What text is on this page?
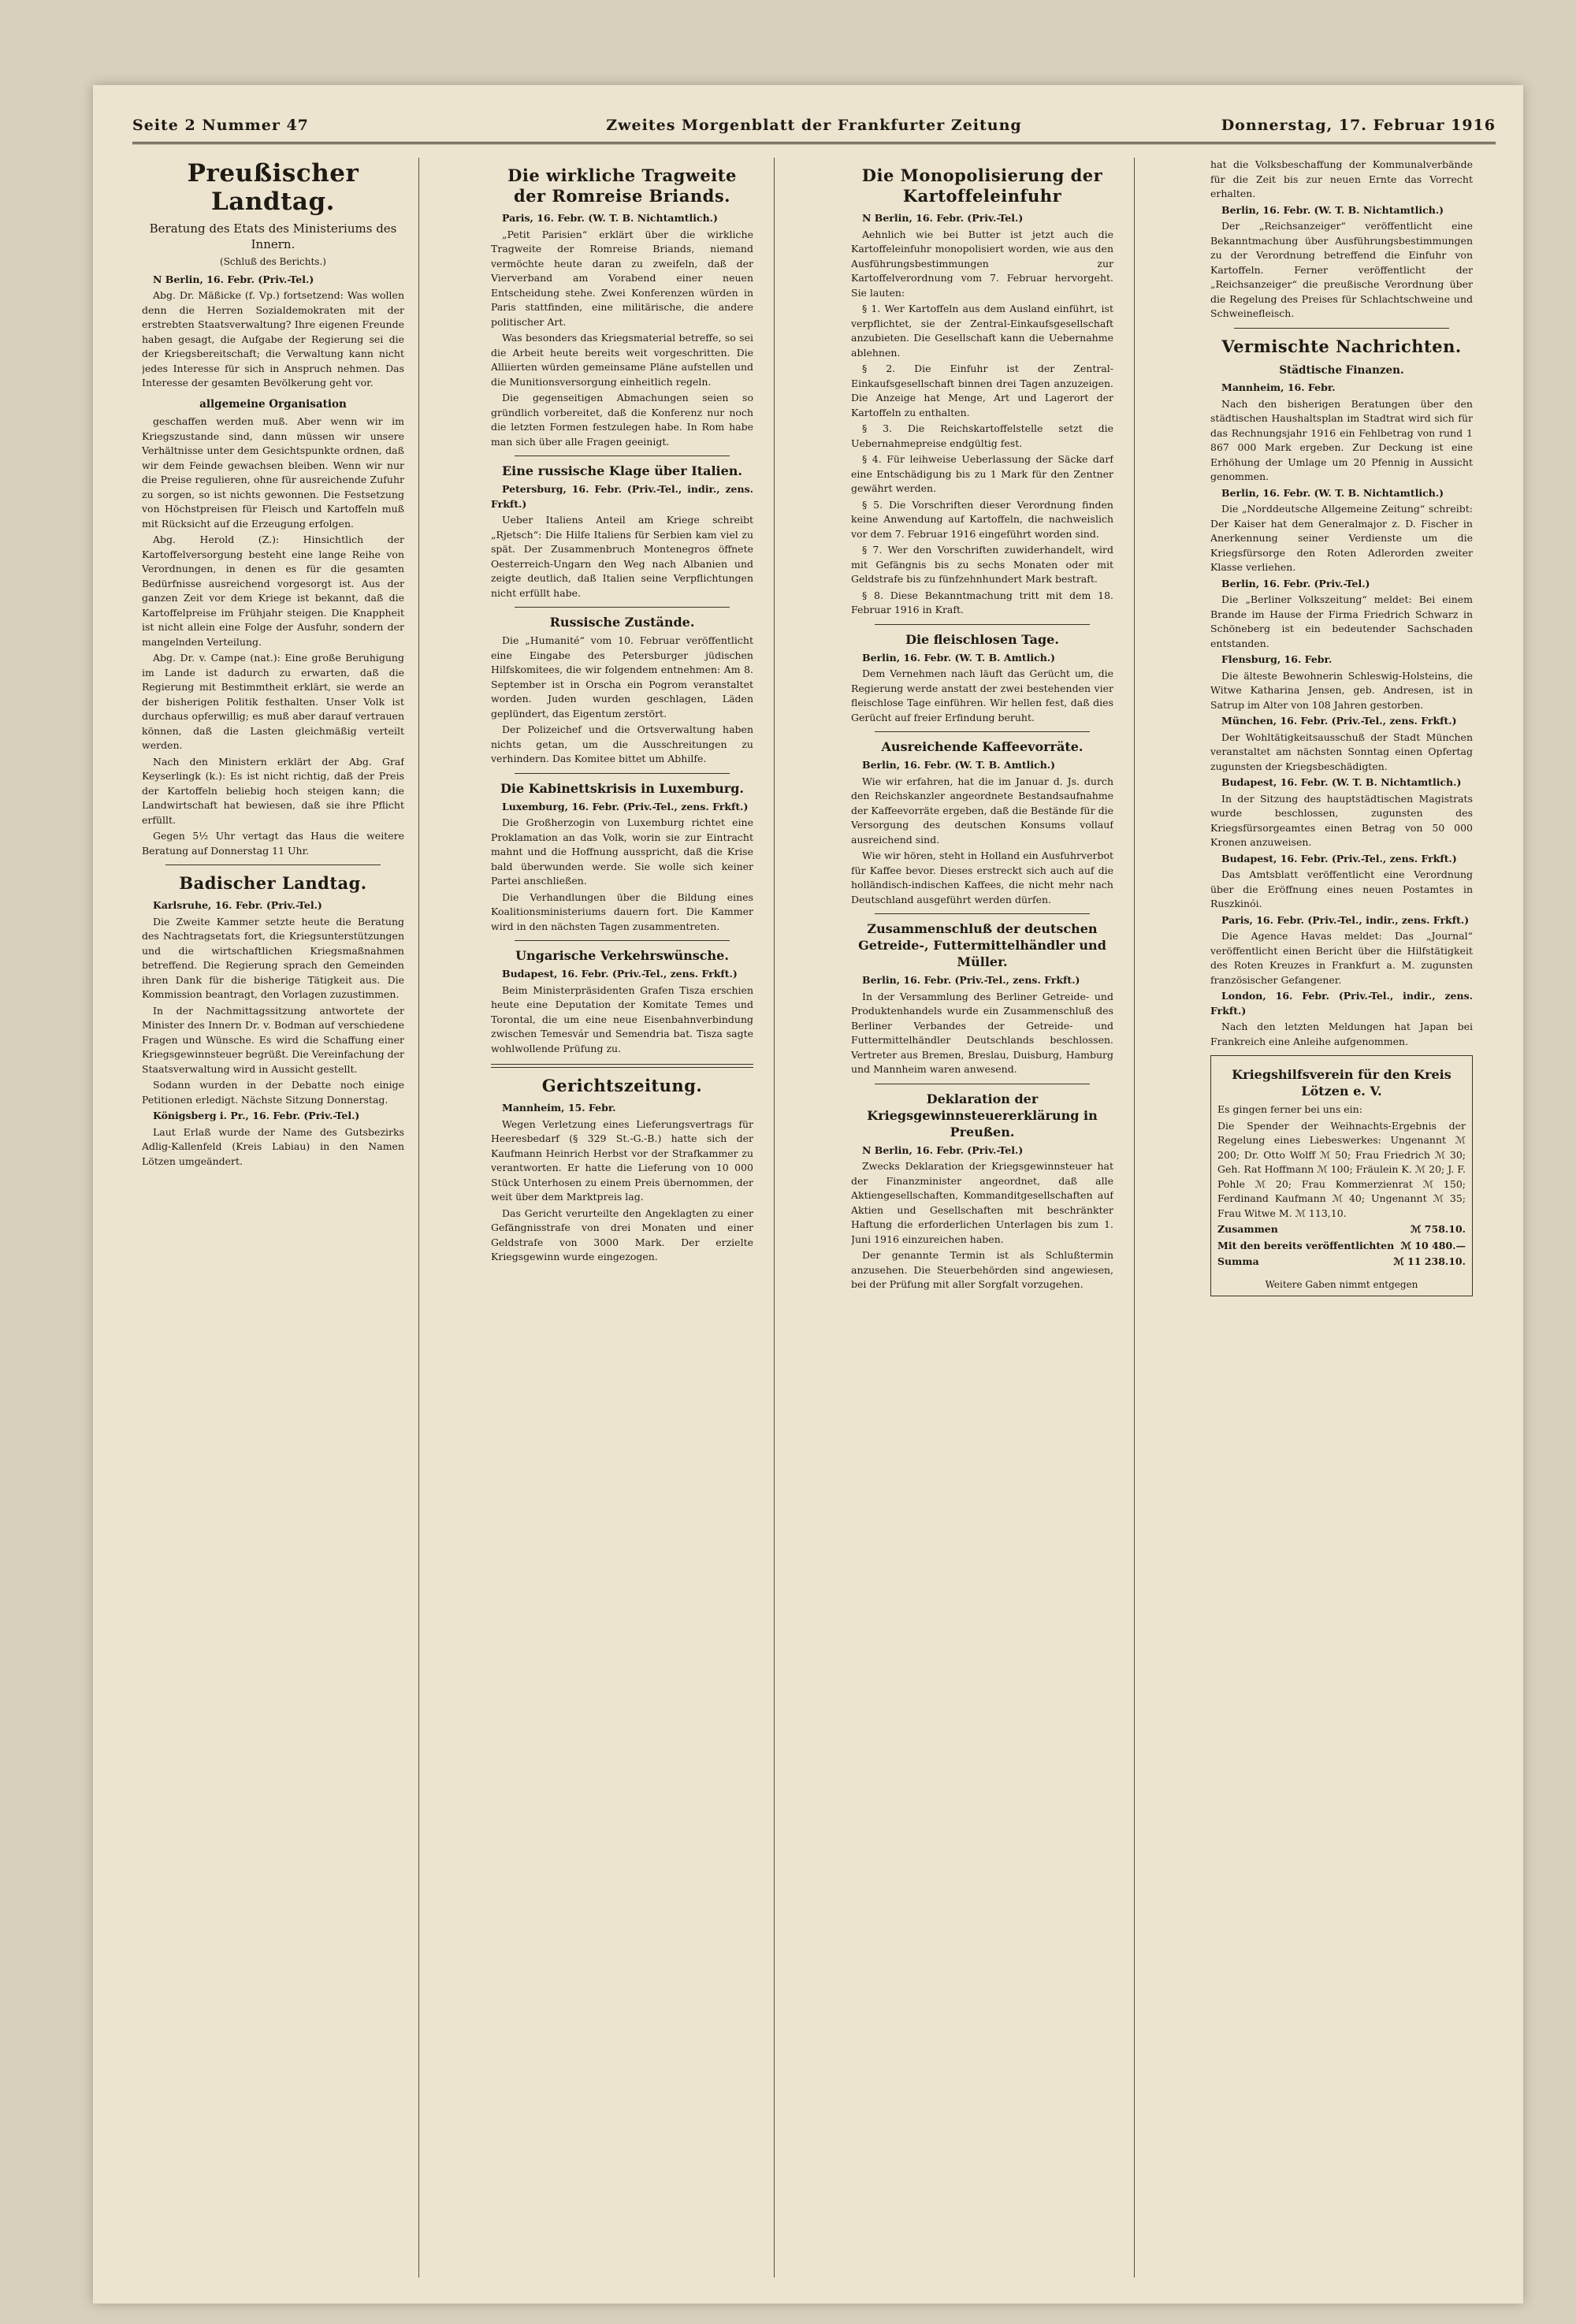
Seite 2 Nummer 47	Zweites Morgenblatt der Frankfurter Zeitung	Donnerstag, 17. Februar 1916
Preußischer Landtag.
Beratung des Etats des Ministeriums des Innern.
(Schluß des Berichts.)

N Berlin, 16. Febr. (Priv.-Tel.)

Abg. Dr. Mäßicke (f. Vp.) fortsetzend: Was wollen denn die Herren Sozialdemokraten mit der erstrebten Staatsverwaltung? Ihre eigenen Freunde haben gesagt, die Aufgabe der Regierung sei die der Kriegsbereitschaft; die Verwaltung kann nicht jedes Interesse für sich in Anspruch nehmen. Das Interesse der gesamten Bevölkerung geht vor.

allgemeine Organisation

geschaffen werden muß. Aber wenn wir im Kriegszustande sind, dann müssen wir unsere Verhältnisse unter dem Gesichtspunkte ordnen, daß wir dem Feinde gewachsen bleiben. Wenn wir nur die Preise regulieren, ohne für ausreichende Zufuhr zu sorgen, so ist nichts gewonnen. Die Festsetzung von Höchstpreisen für Fleisch und Kartoffeln muß mit Rücksicht auf die Erzeugung erfolgen.

Abg. Herold (Z.): Hinsichtlich der Kartoffelversorgung besteht eine lange Reihe von Verordnungen, in denen es für die gesamten Bedürfnisse ausreichend vorgesorgt ist. Aus der ganzen Zeit vor dem Kriege ist bekannt, daß die Kartoffelpreise im Frühjahr steigen. Die Knappheit ist nicht allein eine Folge der Ausfuhr, sondern der mangelnden Verteilung.

Abg. Dr. v. Campe (nat.): Eine große Beruhigung im Lande ist dadurch zu erwarten, daß die Regierung mit Bestimmtheit erklärt, sie werde an der bisherigen Politik festhalten. Unser Volk ist durchaus opferwillig; es muß aber darauf vertrauen können, daß die Lasten gleichmäßig verteilt werden.

Nach den Ministern erklärt der Abg. Graf Keyserlingk (k.): Es ist nicht richtig, daß der Preis der Kartoffeln beliebig hoch steigen kann; die Landwirtschaft hat bewiesen, daß sie ihre Pflicht erfüllt.

Gegen 5½ Uhr vertagt das Haus die weitere Beratung auf Donnerstag 11 Uhr.

Badischer Landtag.

Karlsruhe, 16. Febr. (Priv.-Tel.)

Die Zweite Kammer setzte heute die Beratung des Nachtragsetats fort, die Kriegsunterstützungen und die wirtschaftlichen Kriegsmaßnahmen betreffend. Die Regierung sprach den Gemeinden ihren Dank für die bisherige Tätigkeit aus. Die Kommission beantragt, den Vorlagen zuzustimmen.

In der Nachmittagssitzung antwortete der Minister des Innern Dr. v. Bodman auf verschiedene Fragen und Wünsche. Es wird die Schaffung einer Kriegsgewinnsteuer begrüßt. Die Vereinfachung der Staatsverwaltung wird in Aussicht gestellt.

Sodann wurden in der Debatte noch einige Petitionen erledigt. Nächste Sitzung Donnerstag.

Königsberg i. Pr., 16. Febr. (Priv.-Tel.)

Laut Erlaß wurde der Name des Gutsbezirks Adlig-Kallenfeld (Kreis Labiau) in den Namen Lötzen umgeändert.

Die wirkliche Tragweite der Romreise Briands.

Paris, 16. Febr. (W. T. B. Nichtamtlich.)

„Petit Parisien“ erklärt über die wirkliche Tragweite der Romreise Briands, niemand vermöchte heute daran zu zweifeln, daß der Vierverband am Vorabend einer neuen Entscheidung stehe. Zwei Konferenzen würden in Paris stattfinden, eine militärische, die andere politischer Art.

Was besonders das Kriegsmaterial betreffe, so sei die Arbeit heute bereits weit vorgeschritten. Die Alliierten würden gemeinsame Pläne aufstellen und die Munitionsversorgung einheitlich regeln.

Die gegenseitigen Abmachungen seien so gründlich vorbereitet, daß die Konferenz nur noch die letzten Formen festzulegen habe. In Rom habe man sich über alle Fragen geeinigt.

Eine russische Klage über Italien.

Petersburg, 16. Febr. (Priv.-Tel., indir., zens. Frkft.)

Ueber Italiens Anteil am Kriege schreibt „Rjetsch“: Die Hilfe Italiens für Serbien kam viel zu spät. Der Zusammenbruch Montenegros öffnete Oesterreich-Ungarn den Weg nach Albanien und zeigte deutlich, daß Italien seine Verpflichtungen nicht erfüllt habe.

Russische Zustände.

Die „Humanité“ vom 10. Februar veröffentlicht eine Eingabe des Petersburger jüdischen Hilfskomitees, die wir folgendem entnehmen: Am 8. September ist in Orscha ein Pogrom veranstaltet worden. Juden wurden geschlagen, Läden geplündert, das Eigentum zerstört.

Der Polizeichef und die Ortsverwaltung haben nichts getan, um die Ausschreitungen zu verhindern. Das Komitee bittet um Abhilfe.

Die Kabinettskrisis in Luxemburg.

Luxemburg, 16. Febr. (Priv.-Tel., zens. Frkft.)

Die Großherzogin von Luxemburg richtet eine Proklamation an das Volk, worin sie zur Eintracht mahnt und die Hoffnung ausspricht, daß die Krise bald überwunden werde. Sie wolle sich keiner Partei anschließen.

Die Verhandlungen über die Bildung eines Koalitionsministeriums dauern fort. Die Kammer wird in den nächsten Tagen zusammentreten.

Ungarische Verkehrswünsche.

Budapest, 16. Febr. (Priv.-Tel., zens. Frkft.)

Beim Ministerpräsidenten Grafen Tisza erschien heute eine Deputation der Komitate Temes und Torontal, die um eine neue Eisenbahnverbindung zwischen Temesvár und Semendria bat. Tisza sagte wohlwollende Prüfung zu.

Gerichtszeitung.

Mannheim, 15. Febr.

Wegen Verletzung eines Lieferungsvertrags für Heeresbedarf (§ 329 St.-G.-B.) hatte sich der Kaufmann Heinrich Herbst vor der Strafkammer zu verantworten. Er hatte die Lieferung von 10 000 Stück Unterhosen zu einem Preis übernommen, der weit über dem Marktpreis lag.

Das Gericht verurteilte den Angeklagten zu einer Gefängnisstrafe von drei Monaten und einer Geldstrafe von 3000 Mark. Der erzielte Kriegsgewinn wurde eingezogen.

Die Monopolisierung der Kartoffeleinfuhr

N Berlin, 16. Febr. (Priv.-Tel.)

Aehnlich wie bei Butter ist jetzt auch die Kartoffeleinfuhr monopolisiert worden, wie aus den Ausführungsbestimmungen zur Kartoffelverordnung vom 7. Februar hervorgeht. Sie lauten:

§ 1. Wer Kartoffeln aus dem Ausland einführt, ist verpflichtet, sie der Zentral-Einkaufsgesellschaft anzubieten. Die Gesellschaft kann die Uebernahme ablehnen.

§ 2. Die Einfuhr ist der Zentral-Einkaufsgesellschaft binnen drei Tagen anzuzeigen. Die Anzeige hat Menge, Art und Lagerort der Kartoffeln zu enthalten.

§ 3. Die Reichskartoffelstelle setzt die Uebernahmepreise endgültig fest.

§ 4. Für leihweise Ueberlassung der Säcke darf eine Entschädigung bis zu 1 Mark für den Zentner gewährt werden.

§ 5. Die Vorschriften dieser Verordnung finden keine Anwendung auf Kartoffeln, die nachweislich vor dem 7. Februar 1916 eingeführt worden sind.

§ 7. Wer den Vorschriften zuwiderhandelt, wird mit Gefängnis bis zu sechs Monaten oder mit Geldstrafe bis zu fünfzehnhundert Mark bestraft.

§ 8. Diese Bekanntmachung tritt mit dem 18. Februar 1916 in Kraft.

Die fleischlosen Tage.

Berlin, 16. Febr. (W. T. B. Amtlich.)

Dem Vernehmen nach läuft das Gerücht um, die Regierung werde anstatt der zwei bestehenden vier fleischlose Tage einführen. Wir hellen fest, daß dies Gerücht auf freier Erfindung beruht.

Ausreichende Kaffeevorräte.

Berlin, 16. Febr. (W. T. B. Amtlich.)

Wie wir erfahren, hat die im Januar d. Js. durch den Reichskanzler angeordnete Bestandsaufnahme der Kaffeevorräte ergeben, daß die Bestände für die Versorgung des deutschen Konsums vollauf ausreichend sind.

Wie wir hören, steht in Holland ein Ausfuhrverbot für Kaffee bevor. Dieses erstreckt sich auch auf die holländisch-indischen Kaffees, die nicht mehr nach Deutschland ausgeführt werden dürfen.

Zusammenschluß der deutschen Getreide-, Futtermittelhändler und Müller.

Berlin, 16. Febr. (Priv.-Tel., zens. Frkft.)

In der Versammlung des Berliner Getreide- und Produktenhandels wurde ein Zusammenschluß des Berliner Verbandes der Getreide- und Futtermittelhändler Deutschlands beschlossen. Vertreter aus Bremen, Breslau, Duisburg, Hamburg und Mannheim waren anwesend.

Deklaration der Kriegsgewinnsteuererklärung in Preußen.

N Berlin, 16. Febr. (Priv.-Tel.)

Zwecks Deklaration der Kriegsgewinnsteuer hat der Finanzminister angeordnet, daß alle Aktiengesellschaften, Kommanditgesellschaften auf Aktien und Gesellschaften mit beschränkter Haftung die erforderlichen Unterlagen bis zum 1. Juni 1916 einzureichen haben.

Der genannte Termin ist als Schlußtermin anzusehen. Die Steuerbehörden sind angewiesen, bei der Prüfung mit aller Sorgfalt vorzugehen.

hat die Volksbeschaffung der Kommunalverbände für die Zeit bis zur neuen Ernte das Vorrecht erhalten.

Berlin, 16. Febr. (W. T. B. Nichtamtlich.)

Der „Reichsanzeiger“ veröffentlicht eine Bekanntmachung über Ausführungsbestimmungen zu der Verordnung betreffend die Einfuhr von Kartoffeln. Ferner veröffentlicht der „Reichsanzeiger“ die preußische Verordnung über die Regelung des Preises für Schlachtschweine und Schweinefleisch.

Vermischte Nachrichten.
Städtische Finanzen.

Mannheim, 16. Febr.

Nach den bisherigen Beratungen über den städtischen Haushaltsplan im Stadtrat wird sich für das Rechnungsjahr 1916 ein Fehlbetrag von rund 1 867 000 Mark ergeben. Zur Deckung ist eine Erhöhung der Umlage um 20 Pfennig in Aussicht genommen.

Berlin, 16. Febr. (W. T. B. Nichtamtlich.)

Die „Norddeutsche Allgemeine Zeitung“ schreibt: Der Kaiser hat dem Generalmajor z. D. Fischer in Anerkennung seiner Verdienste um die Kriegsfürsorge den Roten Adlerorden zweiter Klasse verliehen.

Berlin, 16. Febr. (Priv.-Tel.)

Die „Berliner Volkszeitung“ meldet: Bei einem Brande im Hause der Firma Friedrich Schwarz in Schöneberg ist ein bedeutender Sachschaden entstanden.

Flensburg, 16. Febr.

Die älteste Bewohnerin Schleswig-Holsteins, die Witwe Katharina Jensen, geb. Andresen, ist in Satrup im Alter von 108 Jahren gestorben.

München, 16. Febr. (Priv.-Tel., zens. Frkft.)

Der Wohltätigkeitsausschuß der Stadt München veranstaltet am nächsten Sonntag einen Opfertag zugunsten der Kriegsbeschädigten.

Budapest, 16. Febr. (W. T. B. Nichtamtlich.)

In der Sitzung des hauptstädtischen Magistrats wurde beschlossen, zugunsten des Kriegsfürsorgeamtes einen Betrag von 50 000 Kronen anzuweisen.

Budapest, 16. Febr. (Priv.-Tel., zens. Frkft.)

Das Amtsblatt veröffentlicht eine Verordnung über die Eröffnung eines neuen Postamtes in Ruszkinói.

Paris, 16. Febr. (Priv.-Tel., indir., zens. Frkft.)

Die Agence Havas meldet: Das „Journal“ veröffentlicht einen Bericht über die Hilfstätigkeit des Roten Kreuzes in Frankfurt a. M. zugunsten französischer Gefangener.

London, 16. Febr. (Priv.-Tel., indir., zens. Frkft.)

Nach den letzten Meldungen hat Japan bei Frankreich eine Anleihe aufgenommen.

Kriegshilfsverein für den Kreis Lötzen e. V.

Es gingen ferner bei uns ein:

Die Spender der Weihnachts-Ergebnis der Regelung eines Liebeswerkes: Ungenannt ℳ 200; Dr. Otto Wolff ℳ 50; Frau Friedrich ℳ 30; Geh. Rat Hoffmann ℳ 100; Fräulein K. ℳ 20; J. F. Pohle ℳ 20; Frau Kommerzienrat ℳ 150; Ferdinand Kaufmann ℳ 40; Ungenannt ℳ 35; Frau Witwe M. ℳ 113,10.

Zusammen	ℳ 758.10.
Mit den bereits veröffentlichten ℳ 10 480.—
Summa	ℳ 11 238.10.
Weitere Gaben nimmt entgegen
